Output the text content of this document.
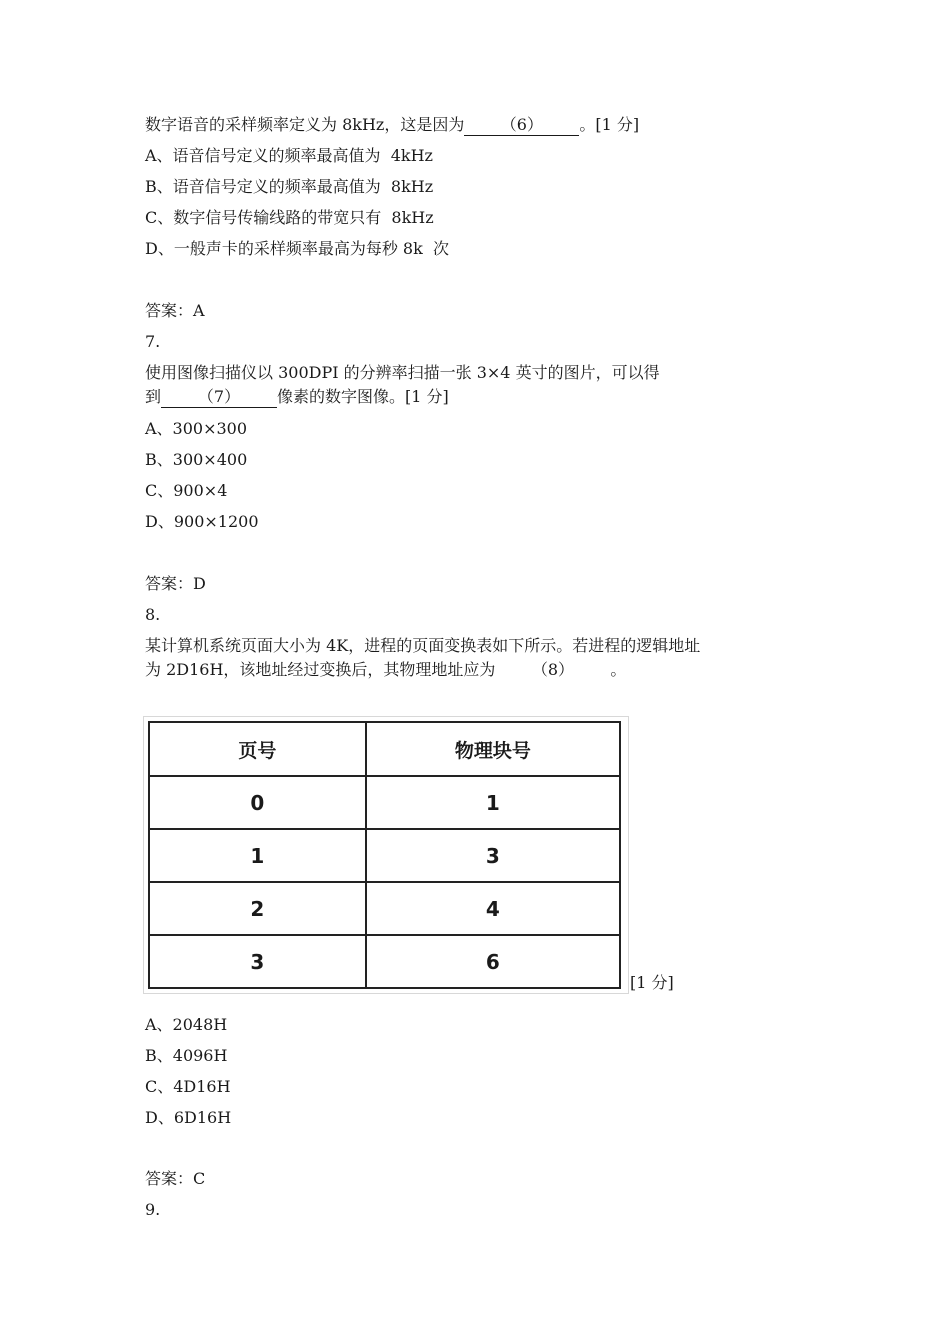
数字语音的采样频率定义为 8kHz，这是因为 （6） 。[1 分]
A、语音信号定义的频率最高值为  4kHz
B、语音信号定义的频率最高值为  8kHz
C、数字信号传输线路的带宽只有  8kHz
D、一般声卡的采样频率最高为每秒 8k  次
答案：A
7.
使用图像扫描仪以 300DPI 的分辨率扫描一张 3×4 英寸的图片，可以得
到 （7） 像素的数字图像。[1 分]
A、300×300
B、300×400
C、900×4
D、900×1200
答案：D
8.
某计算机系统页面大小为 4K，进程的页面变换表如下所示。若进程的逻辑地址
为 2D16H，该地址经过变换后，其物理地址应为 （8） 。
页号	物理块号
0	1
1	3
2	4
3	6
[1 分]
A、2048H
B、4096H
C、4D16H
D、6D16H
答案：C
9.
